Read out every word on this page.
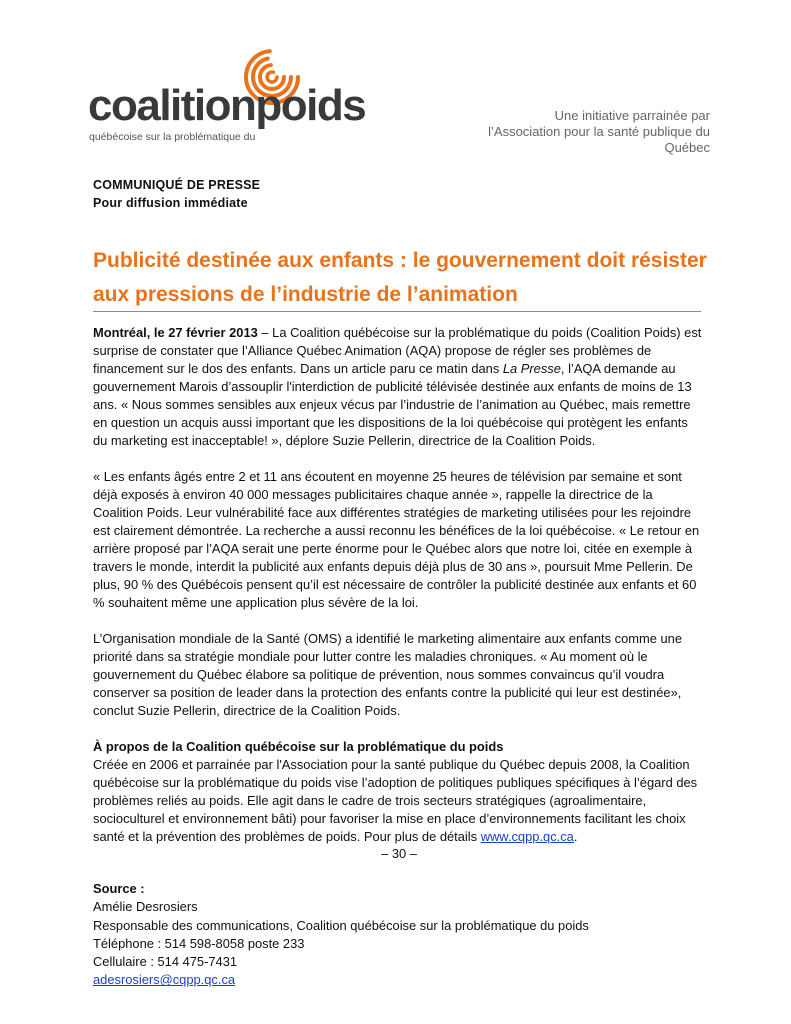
coalitionpoids
québécoise sur la problématique du
Une initiative parrainée par
l’Association pour la santé publique du Québec
COMMUNIQUÉ DE PRESSE
Pour diffusion immédiate
Publicité destinée aux enfants : le gouvernement doit résister
aux pressions de l’industrie de l’animation

Montréal, le 27 février 2013 – La Coalition québécoise sur la problématique du poids (Coalition Poids) est surprise de constater que l’Alliance Québec Animation (AQA) propose de régler ses problèmes de financement sur le dos des enfants. Dans un article paru ce matin dans La Presse, l’AQA demande au gouvernement Marois d’assouplir l'interdiction de publicité télévisée destinée aux enfants de moins de 13 ans. « Nous sommes sensibles aux enjeux vécus par l’industrie de l’animation au Québec, mais remettre en question un acquis aussi important que les dispositions de la loi québécoise qui protègent les enfants du marketing est inacceptable! », déplore Suzie Pellerin, directrice de la Coalition Poids.

« Les enfants âgés entre 2 et 11 ans écoutent en moyenne 25 heures de télévision par semaine et sont déjà exposés à environ 40 000 messages publicitaires chaque année », rappelle la directrice de la Coalition Poids. Leur vulnérabilité face aux différentes stratégies de marketing utilisées pour les rejoindre est clairement démontrée. La recherche a aussi reconnu les bénéfices de la loi québécoise. « Le retour en arrière proposé par l’AQA serait une perte énorme pour le Québec alors que notre loi, citée en exemple à travers le monde, interdit la publicité aux enfants depuis déjà plus de 30 ans », poursuit Mme Pellerin. De plus, 90 % des Québécois pensent qu’il est nécessaire de contrôler la publicité destinée aux enfants et 60 % souhaitent même une application plus sévère de la loi.

L’Organisation mondiale de la Santé (OMS) a identifié le marketing alimentaire aux enfants comme une priorité dans sa stratégie mondiale pour lutter contre les maladies chroniques. « Au moment où le gouvernement du Québec élabore sa politique de prévention, nous sommes convaincus qu’il voudra conserver sa position de leader dans la protection des enfants contre la publicité qui leur est destinée», conclut Suzie Pellerin, directrice de la Coalition Poids.

À propos de la Coalition québécoise sur la problématique du poids
Créée en 2006 et parrainée par l'Association pour la santé publique du Québec depuis 2008, la Coalition québécoise sur la problématique du poids vise l’adoption de politiques publiques spécifiques à l’égard des problèmes reliés au poids. Elle agit dans le cadre de trois secteurs stratégiques (agroalimentaire, socioculturel et environnement bâti) pour favoriser la mise en place d’environnements facilitant les choix santé et la prévention des problèmes de poids. Pour plus de détails www.cqpp.qc.ca.

– 30 –
Source :
Amélie Desrosiers
Responsable des communications, Coalition québécoise sur la problématique du poids
Téléphone : 514 598-8058 poste 233
Cellulaire : 514 475-7431
adesrosiers@cqpp.qc.ca
